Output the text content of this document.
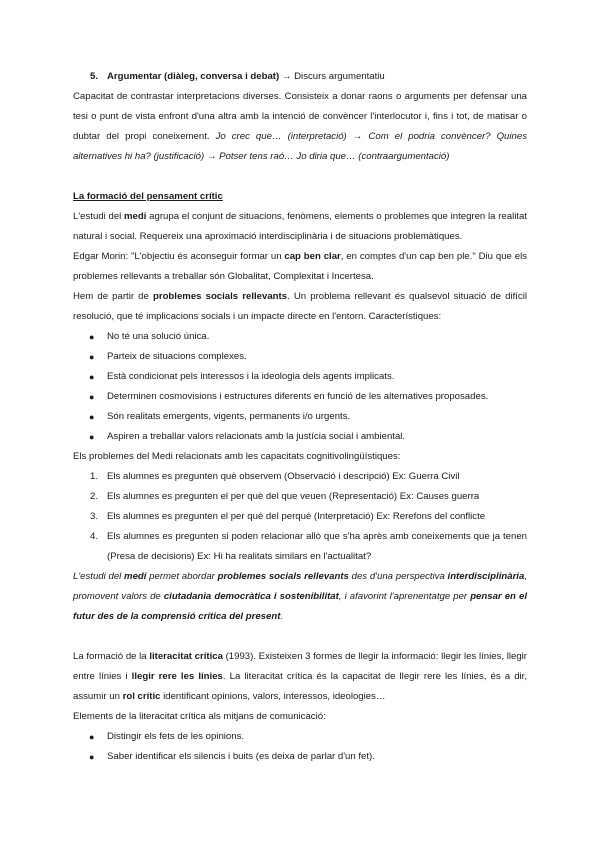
5. Argumentar (diàleg, conversa i debat) → Discurs argumentatiu

Capacitat de contrastar interpretacions diverses. Consisteix a donar raons o arguments per defensar una tesi o punt de vista enfront d'una altra amb la intenció de convèncer l'interlocutor i, fins i tot, de matisar o dubtar del propi coneixement. Jo crec que… (interpretació) → Com el podria convèncer? Quines alternatives hi ha? (justificació) → Potser tens raó… Jo diria que… (contraargumentació)

La formació del pensament crític

L'estudi del medi agrupa el conjunt de situacions, fenòmens, elements o problemes que integren la realitat natural i social. Requereix una aproximació interdisciplinària i de situacions problemàtiques.

Edgar Morin: "L'objectiu és aconseguir formar un cap ben clar, en comptes d'un cap ben ple." Diu que els problemes rellevants a treballar són Globalitat, Complexitat i Incertesa.

Hem de partir de problemes socials rellevants. Un problema rellevant és qualsevol situació de difícil resolució, que té implicacions socials i un impacte directe en l'entorn. Característiques:

● No té una solució única.

● Parteix de situacions complexes.

● Està condicionat pels interessos i la ideologia dels agents implicats.

● Determinen cosmovisions i estructures diferents en funció de les alternatives proposades.

● Són realitats emergents, vigents, permanents i/o urgents.

● Aspiren a treballar valors relacionats amb la justícia social i ambiental.

Els problemes del Medi relacionats amb les capacitats cognitivolingüístiques:

1. Els alumnes es pregunten què observem (Observació i descripció) Ex: Guerra Civil

2. Els alumnes es pregunten el per què del que veuen (Representació) Ex: Causes guerra

3. Els alumnes es pregunten el per què del perquè (Interpretació) Ex: Rerefons del conflicte

4. Els alumnes es pregunten si poden relacionar allò que s'ha après amb coneixements que ja tenen (Presa de decisions) Ex: Hi ha realitats similars en l'actualitat?

L'estudi del medi permet abordar problemes socials rellevants des d'una perspectiva interdisciplinària, promovent valors de ciutadania democràtica i sostenibilitat, i afavorint l'aprenentatge per pensar en el futur des de la comprensió crítica del present.

La formació de la literacitat crítica (1993). Existeixen 3 formes de llegir la informació: llegir les línies, llegir entre línies i llegir rere les línies. La literacitat crítica és la capacitat de llegir rere les línies, és a dir, assumir un rol crític identificant opinions, valors, interessos, ideologies…

Elements de la literacitat crítica als mitjans de comunicació:

● Distingir els fets de les opinions.

● Saber identificar els silencis i buits (es deixa de parlar d'un fet).
